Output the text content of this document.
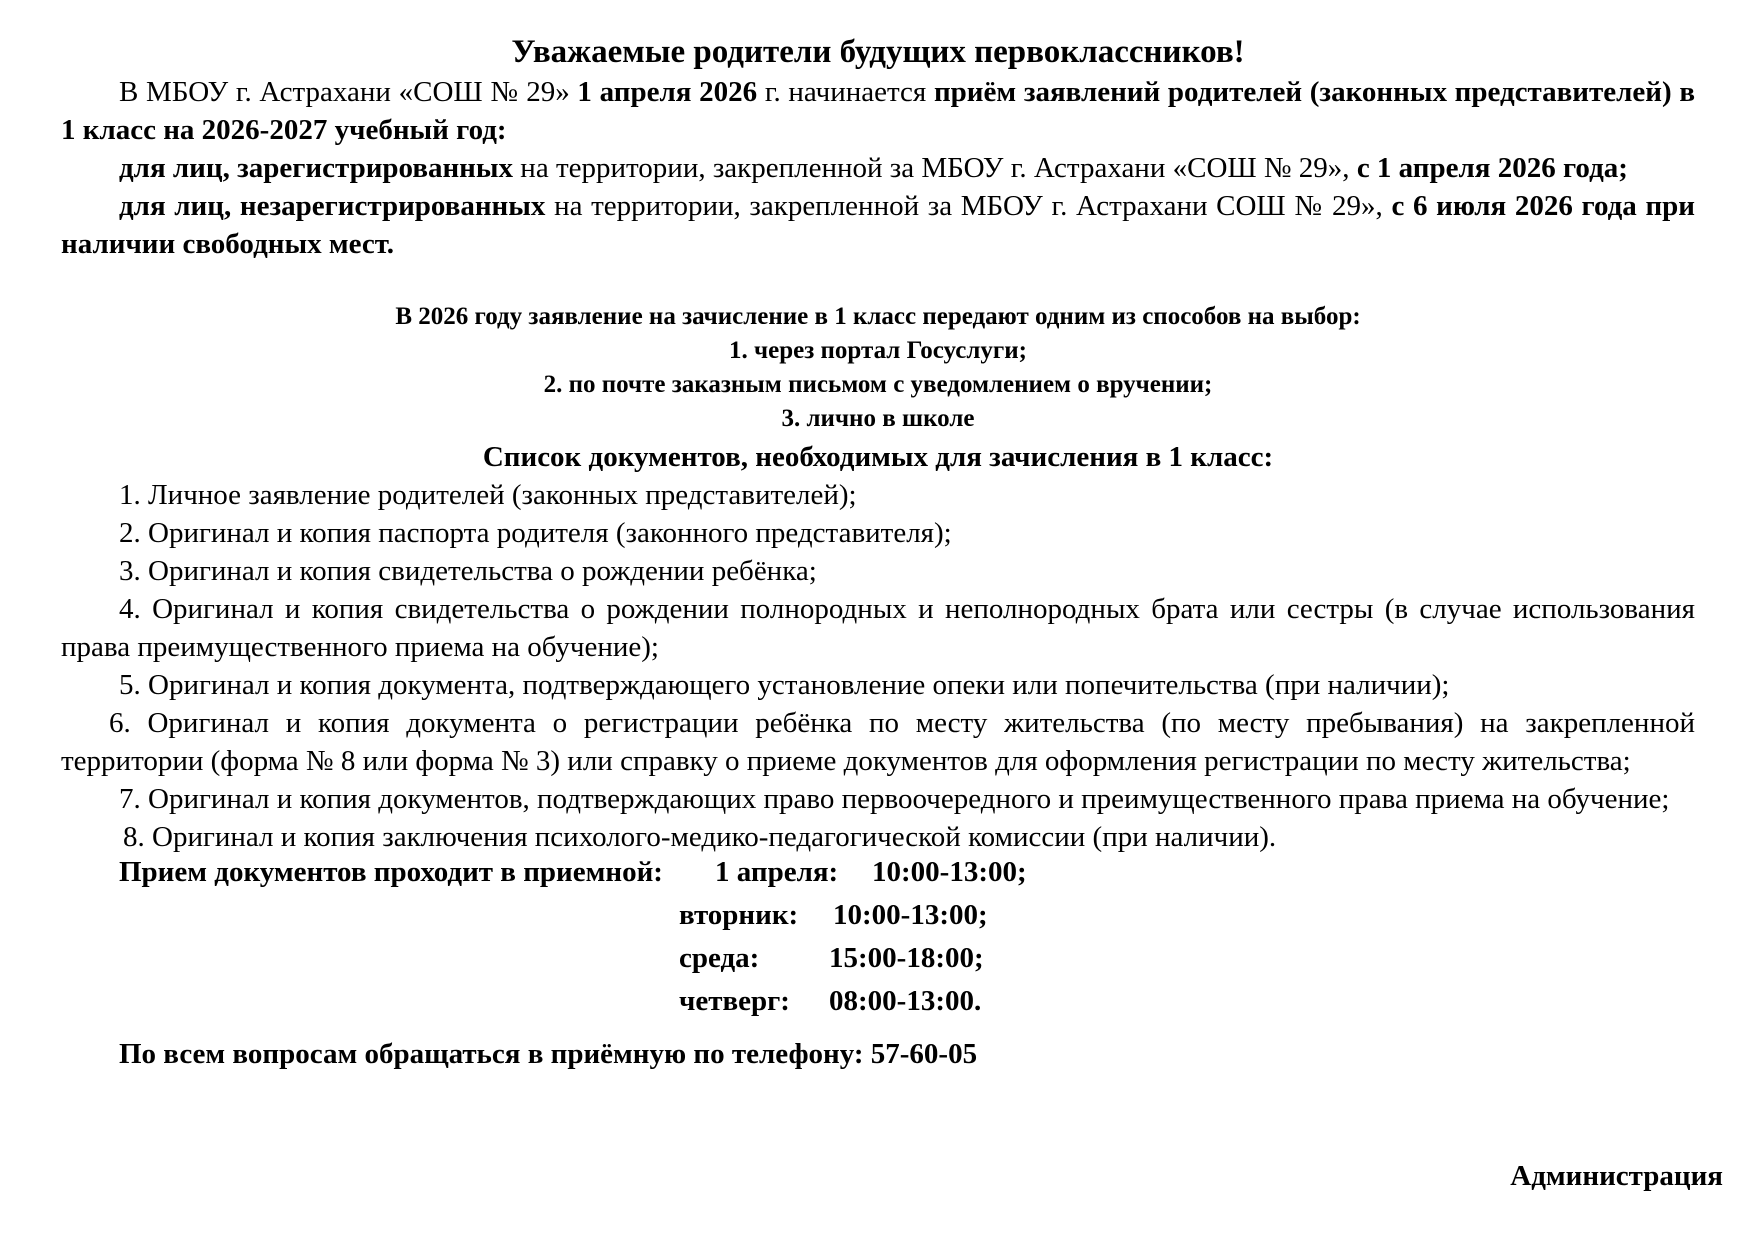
Уважаемые родители будущих первоклассников!

В МБОУ г. Астрахани «СОШ № 29» 1 апреля 2026 г. начинается приём заявлений родителей (законных представителей) в 1 класс на 2026-2027 учебный год:

для лиц, зарегистрированных на территории, закрепленной за МБОУ г. Астрахани «СОШ № 29», с 1 апреля 2026 года;

для лиц, незарегистрированных на территории, закрепленной за МБОУ г. Астрахани СОШ № 29», с 6 июля 2026 года при наличии свободных мест.

В 2026 году заявление на зачисление в 1 класс передают одним из способов на выбор:
1. через портал Госуслуги;
2. по почте заказным письмом с уведомлением о вручении;
3. лично в школе
Список документов, необходимых для зачисления в 1 класс:

1. Личное заявление родителей (законных представителей);

2. Оригинал и копия паспорта родителя (законного представителя);

3. Оригинал и копия свидетельства о рождении ребёнка;

4. Оригинал и копия свидетельства о рождении полнородных и неполнородных брата или сестры (в случае использования права преимущественного приема на обучение);

5. Оригинал и копия документа, подтверждающего установление опеки или попечительства (при наличии);

6. Оригинал и копия документа о регистрации ребёнка по месту жительства (по месту пребывания) на закрепленной территории (форма № 8 или форма № 3) или справку о приеме документов для оформления регистрации по месту жительства;

7. Оригинал и копия документов, подтверждающих право первоочередного и преимущественного права приема на обучение;

8. Оригинал и копия заключения психолого-медико-педагогической комиссии (при наличии).

Прием документов проходит в приемной: 1 апреля: 10:00-13:00;
вторник: 10:00-13:00;
среда: 15:00-18:00;
четверг: 08:00-13:00.
По всем вопросам обращаться в приёмную по телефону: 57-60-05
Администрация
